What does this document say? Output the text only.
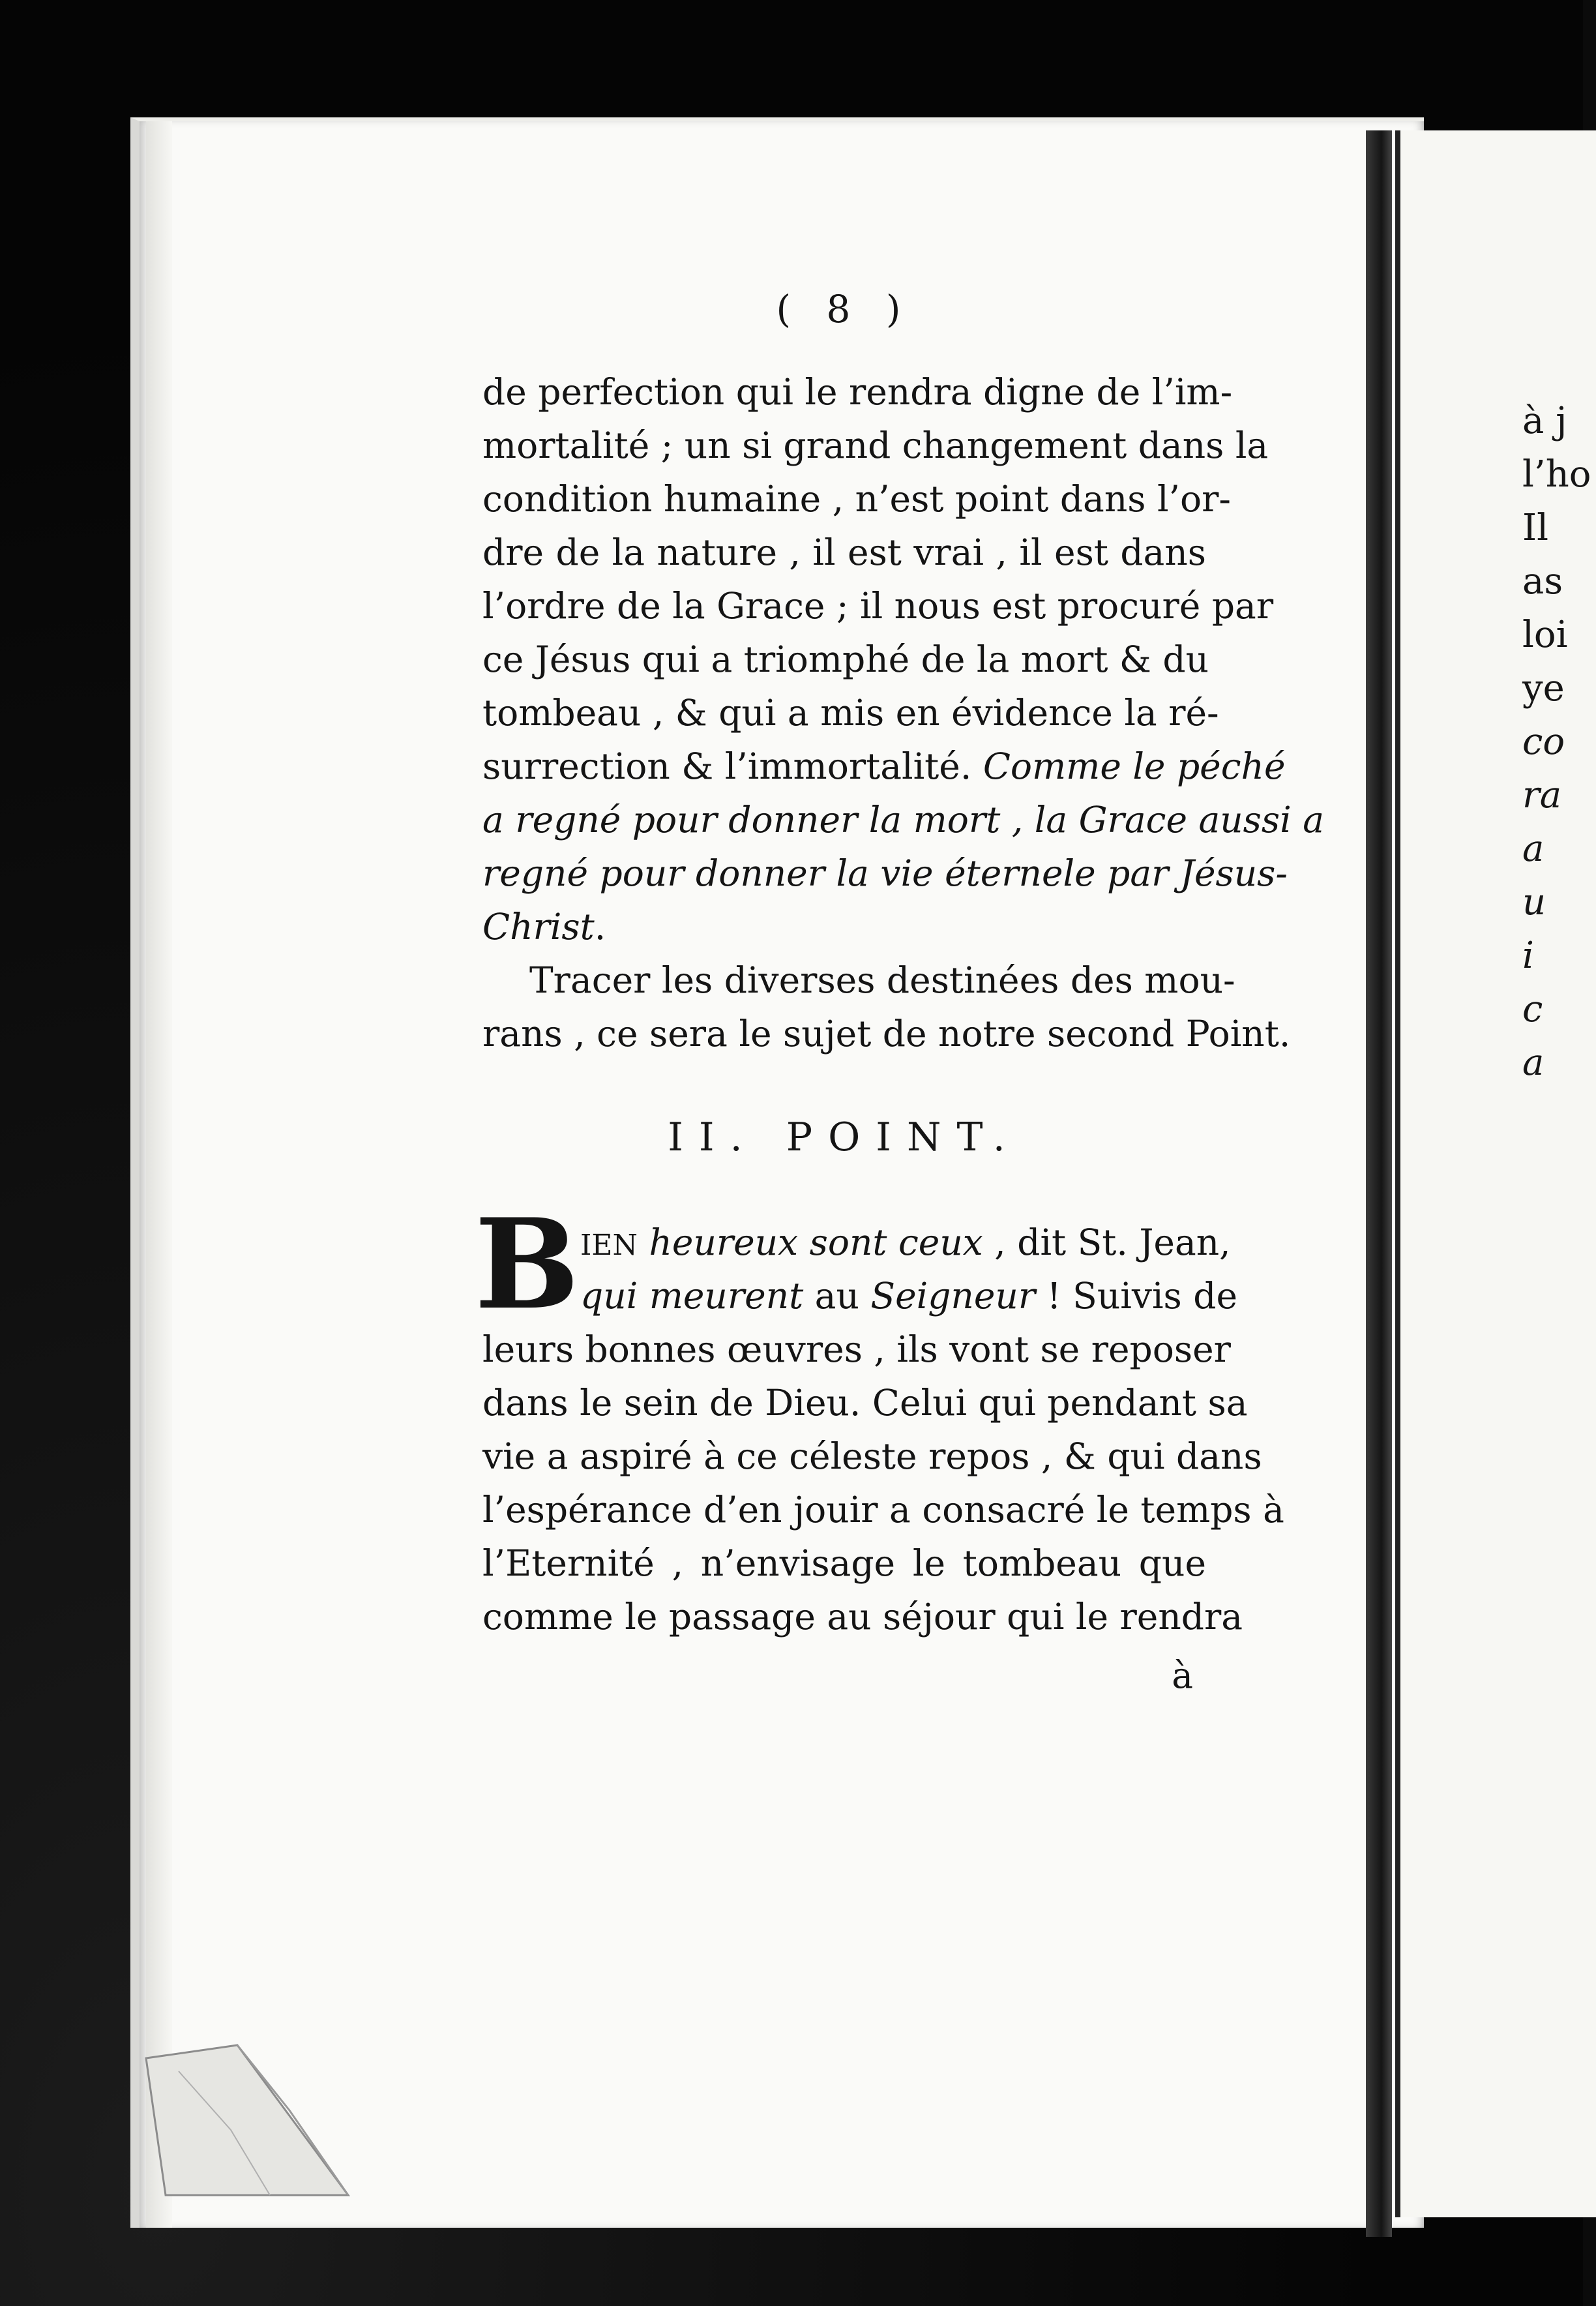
à j
l’ho
Il
as
loi
ye
co
ra
a
u
i
c
a
( 8 )
de perfection qui le rendra digne de l’im-
mortalité ; un si grand changement dans la
condition humaine , n’est point dans l’or-
dre de la nature , il est vrai , il est dans
l’ordre de la Grace ; il nous est procuré par
ce Jésus qui a triomphé de la mort & du
tombeau , & qui a mis en évidence la ré-
surrection & l’immortalité. Comme le péché
a regné pour donner la mort , la Grace aussi a
regné pour donner la vie éternele par Jésus-
Christ.
Tracer les diverses destinées des mou-
rans , ce sera le sujet de notre second Point.
II. POINT.
B IEN heureux sont ceux , dit St. Jean,
qui meurent au Seigneur ! Suivis de
leurs bonnes œuvres , ils vont se reposer
dans le sein de Dieu. Celui qui pendant sa
vie a aspiré à ce céleste repos , & qui dans
l’espérance d’en jouir a consacré le temps à
l’Eternité , n’envisage le tombeau que
comme le passage au séjour qui le rendra
à
